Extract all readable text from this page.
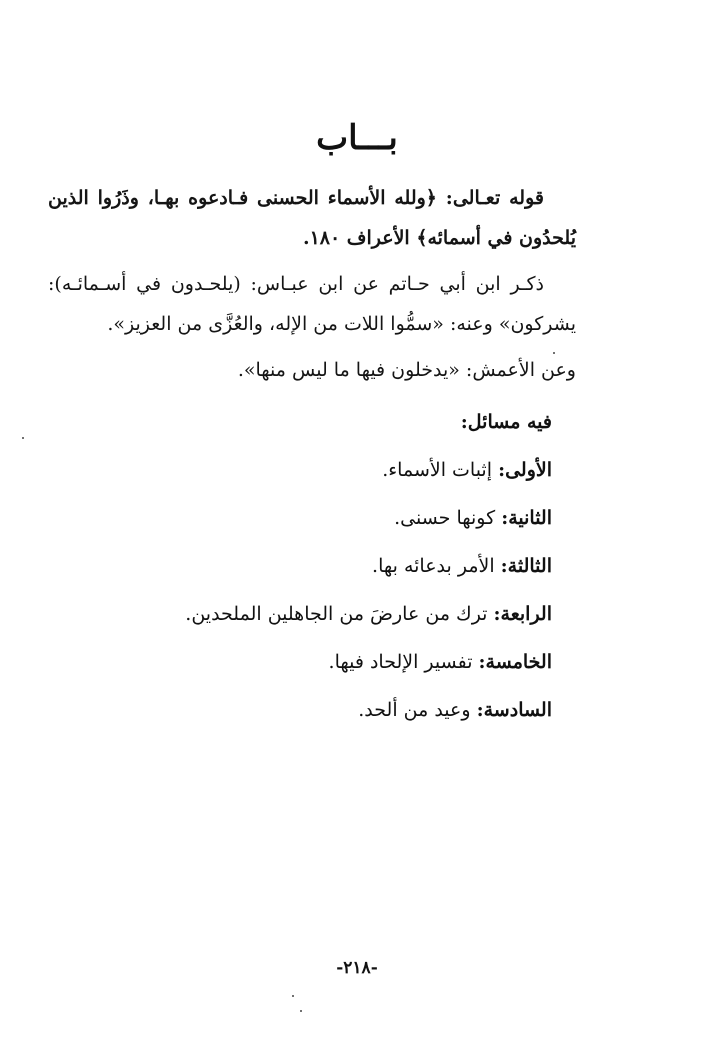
بـــاب
قوله تعـالى: ﴿ولله الأسماء الحسنى فـادعوه بهـا، وذَرُوا الذين يُلحدُون في أسمائه﴾ الأعراف ١٨٠.
ذكـر ابن أبي حـاتم عن ابن عبـاس: (يلحـدون في أسـمائـه): يشركون» وعنه: «سمُّوا اللات من الإله، والعُزَّى من العزيز».
وعن الأعمش: «يدخلون فيها ما ليس منها».
فيه مسائل:
الأولى: إثبات الأسماء.
الثانية: كونها حسنى.
الثالثة: الأمر بدعائه بها.
الرابعة: ترك من عارضَ من الجاهلين الملحدين.
الخامسة: تفسير الإلحاد فيها.
السادسة: وعيد من ألحد.
-٢١٨-
